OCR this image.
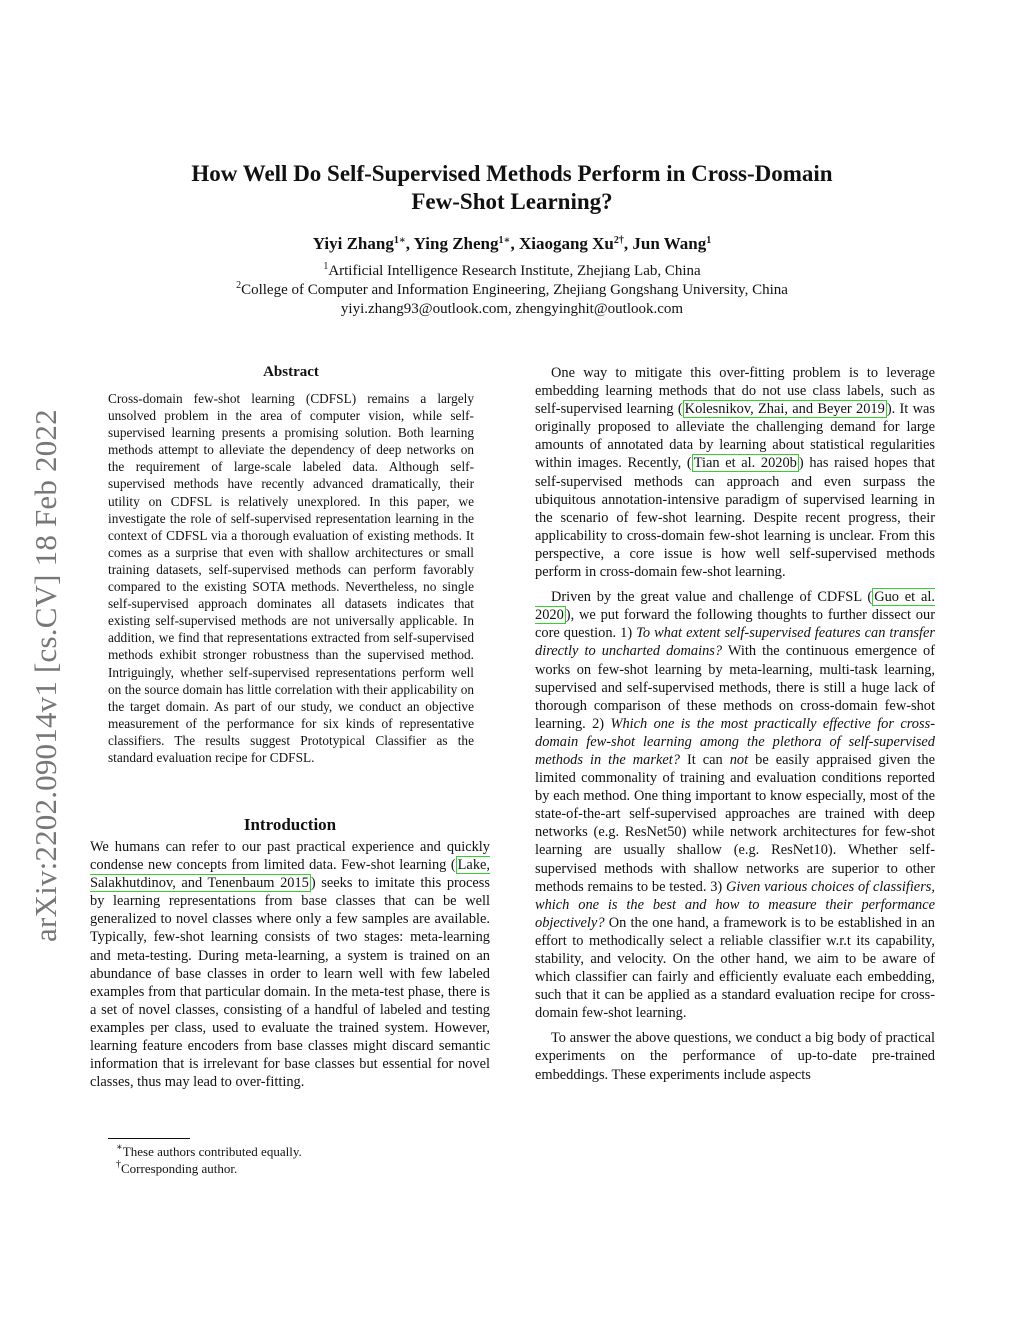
How Well Do Self-Supervised Methods Perform in Cross-Domain
Few-Shot Learning?
Yiyi Zhang$^{1∗}$, Ying Zheng$^{1∗}$, Xiaogang $Xu^{2\dagger}$, Jun Wang$^1$
$^1$Artificial Intelligence Research Institute, Zhejiang Lab, China
$^2$College of Computer and Information Engineering, Zhejiang Gongshang University, China
yiyi.zhang93@outlook.com, zhengyinghit@outlook.com
arXiv:2202.09014v1 [cs.CV] 18 Feb 2022
Abstract
Cross-domain few-shot learning (CDFSL) remains a largely unsolved problem in the area of computer vision, while self-supervised learning presents a promising solution. Both learning methods attempt to alleviate the dependency of deep networks on the requirement of large-scale labeled data. Although self-supervised methods have recently advanced dramatically, their utility on CDFSL is relatively unexplored. In this paper, we investigate the role of self-supervised representation learning in the context of CDFSL via a thorough evaluation of existing methods. It comes as a surprise that even with shallow architectures or small training datasets, self-supervised methods can perform favorably compared to the existing SOTA methods. Nevertheless, no single self-supervised approach dominates all datasets indicates that existing self-supervised methods are not universally applicable. In addition, we find that representations extracted from self-supervised methods exhibit stronger robustness than the supervised method. Intriguingly, whether self-supervised representations perform well on the source domain has little correlation with their applicability on the target domain. As part of our study, we conduct an objective measurement of the performance for six kinds of representative classifiers. The results suggest Prototypical Classifier as the standard evaluation recipe for CDFSL.
Introduction

We humans can refer to our past practical experience and quickly condense new concepts from limited data. Few-shot learning ( Lake, Salakhutdinov, and Tenenbaum 2015 ) seeks to imitate this process by learning representations from base classes that can be well generalized to novel classes where only a few samples are available. Typically, few-shot learning consists of two stages: meta-learning and meta-testing. During meta-learning, a system is trained on an abundance of base classes in order to learn well with few labeled examples from that particular domain. In the meta-test phase, there is a set of novel classes, consisting of a handful of labeled and testing examples per class, used to evaluate the trained system. However, learning feature encoders from base classes might discard semantic information that is irrelevant for base classes but essential for novel classes, thus may lead to over-fitting.

One way to mitigate this over-fitting problem is to leverage embedding learning methods that do not use class labels, such as self-supervised learning ( Kolesnikov, Zhai, and Beyer 2019 ). It was originally proposed to alleviate the challenging demand for large amounts of annotated data by learning about statistical regularities within images. Recently, ( Tian et al. 2020b ) has raised hopes that self-supervised methods can approach and even surpass the ubiquitous annotation-intensive paradigm of supervised learning in the scenario of few-shot learning. Despite recent progress, their applicability to cross-domain few-shot learning is unclear. From this perspective, a core issue is how well self-supervised methods perform in cross-domain few-shot learning.

Driven by the great value and challenge of CDFSL ( Guo et al. 2020 ), we put forward the following thoughts to further dissect our core question. 1) To what extent self-supervised features can transfer directly to uncharted domains? With the continuous emergence of works on few-shot learning by meta-learning, multi-task learning, supervised and self-supervised methods, there is still a huge lack of thorough comparison of these methods on cross-domain few-shot learning. 2) Which one is the most practically effective for cross-domain few-shot learning among the plethora of self-supervised methods in the market? It can not be easily appraised given the limited commonality of training and evaluation conditions reported by each method. One thing important to know especially, most of the state-of-the-art self-supervised approaches are trained with deep networks (e.g. ResNet50) while network architectures for few-shot learning are usually shallow (e.g. ResNet10). Whether self-supervised methods with shallow networks are superior to other methods remains to be tested. 3) Given various choices of classifiers, which one is the best and how to measure their performance objectively? On the one hand, a framework is to be established in an effort to methodically select a reliable classifier w.r.t its capability, stability, and velocity. On the other hand, we aim to be aware of which classifier can fairly and efficiently evaluate each embedding, such that it can be applied as a standard evaluation recipe for cross-domain few-shot learning.

To answer the above questions, we conduct a big body of practical experiments on the performance of up-to-date pre-trained embeddings. These experiments include aspects

∗These authors contributed equally.
†Corresponding author.
